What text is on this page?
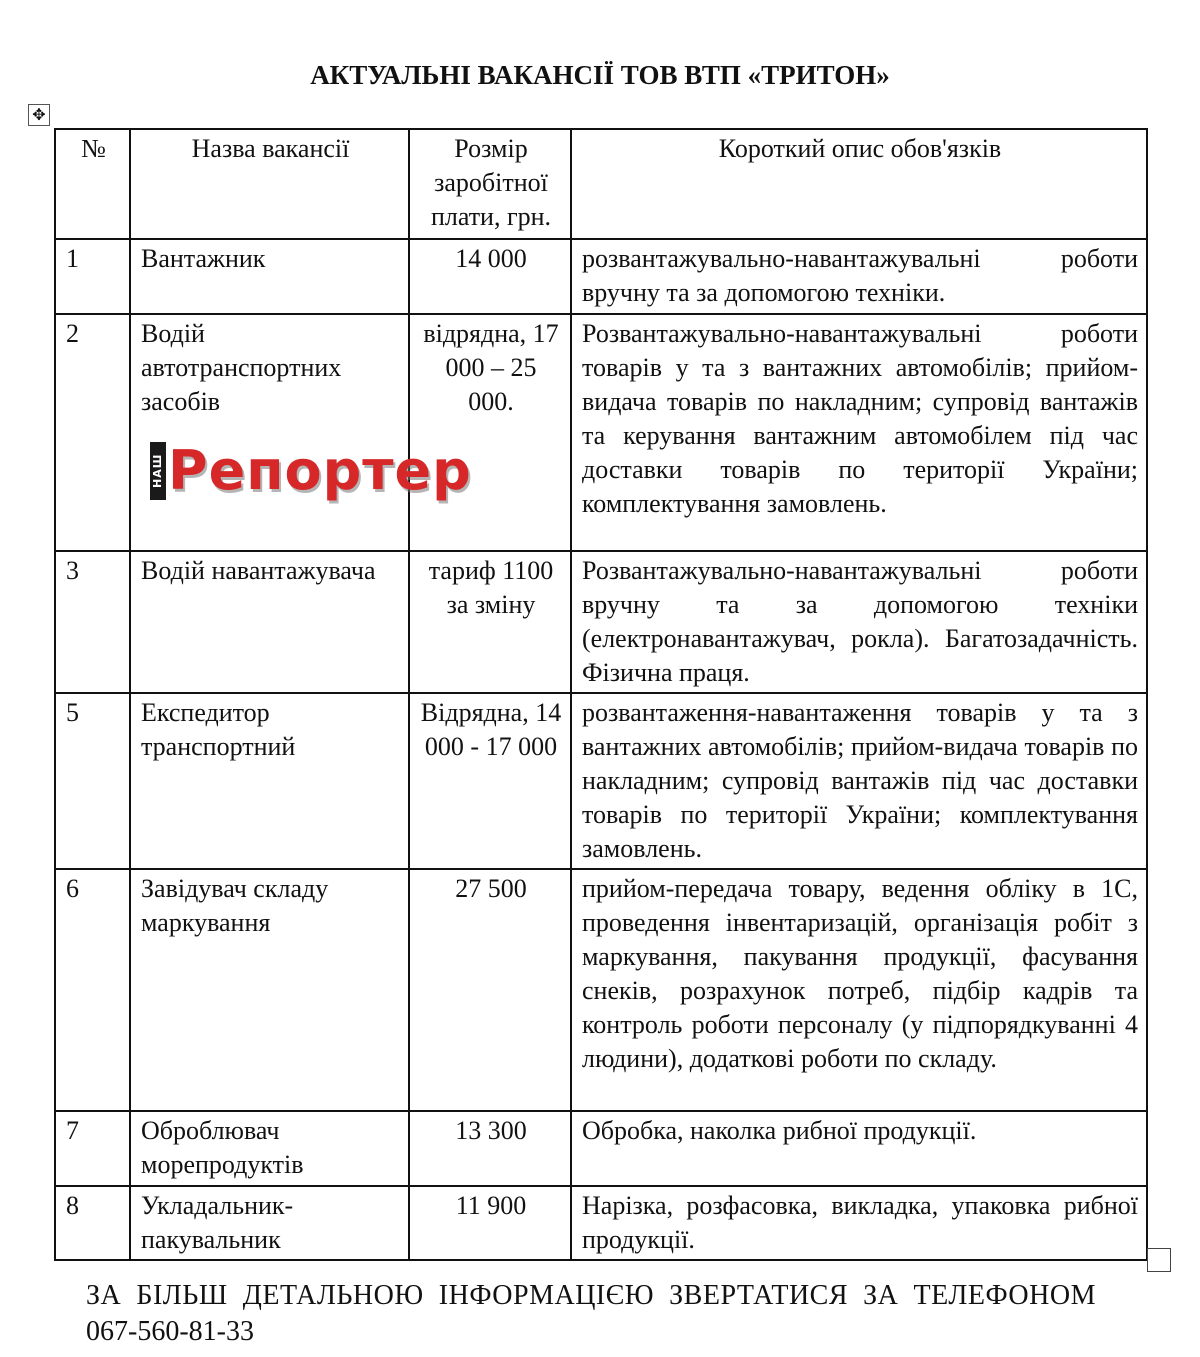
АКТУАЛЬНІ ВАКАНСІЇ ТОВ ВТП «ТРИТОН»
✥
№	Назва вакансії	Розмір заробітної плати, грн.	Короткий опис обов'язків
1	Вантажник	14 000	розвантажувально-навантажувальні роботи вручну та за допомогою техніки.
2	Водій автотранспортних засобів	відрядна, 17 000 – 25 000.	Розвантажувально-навантажувальні роботи товарів у та з вантажних автомобілів; прийом-видача товарів по накладним; супровід вантажів та керування вантажним автомобілем під час доставки товарів по території України; комплектування замовлень.
3	Водій навантажувача	тариф 1100 за зміну	Розвантажувально-навантажувальні роботи вручну та за допомогою техніки (електронавантажувач, рокла). Багатозадачність. Фізична праця.
5	Експедитор транспортний	Відрядна, 14 000 - 17 000	розвантаження-навантаження товарів у та з вантажних автомобілів; прийом-видача товарів по накладним; супровід вантажів під час доставки товарів по території України; комплектування замовлень.
6	Завідувач складу маркування	27 500	прийом-передача товару, ведення обліку в 1С, проведення інвентаризацій, організація робіт з маркування, пакування продукції, фасування снеків, розрахунок потреб, підбір кадрів та контроль роботи персоналу (у підпорядкуванні 4 людини), додаткові роботи по складу.
7	Оброблювач морепродуктів	13 300	Обробка, наколка рибної продукції.
8	Укладальник-пакувальник	11 900	Нарізка, розфасовка, викладка, упаковка рибної продукції.
НАШ Репортер
ЗА БІЛЬШ ДЕТАЛЬНОЮ ІНФОРМАЦІЄЮ ЗВЕРТАТИСЯ ЗА ТЕЛЕФОНОМ
067-560-81-33
